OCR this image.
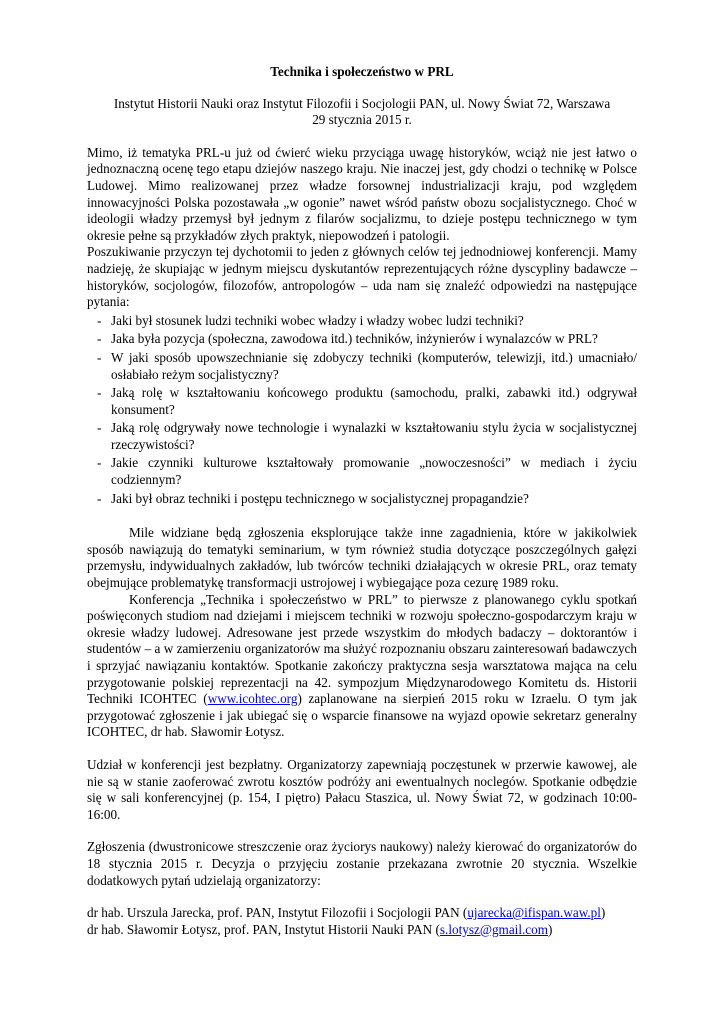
Technika i społeczeństwo w PRL
Instytut Historii Nauki oraz Instytut Filozofii i Socjologii PAN, ul. Nowy Świat 72, Warszawa
29 stycznia 2015 r.

Mimo, iż tematyka PRL-u już od ćwierć wieku przyciąga uwagę historyków, wciąż nie jest łatwo o jednoznaczną ocenę tego etapu dziejów naszego kraju. Nie inaczej jest, gdy chodzi o technikę w Polsce Ludowej. Mimo realizowanej przez władze forsownej industrializacji kraju, pod względem innowacyjności Polska pozostawała „w ogonie” nawet wśród państw obozu socjalistycznego. Choć w ideologii władzy przemysł był jednym z filarów socjalizmu, to dzieje postępu technicznego w tym okresie pełne są przykładów złych praktyk, niepowodzeń i patologii.

Poszukiwanie przyczyn tej dychotomii to jeden z głównych celów tej jednodniowej konferencji. Mamy nadzieję, że skupiając w jednym miejscu dyskutantów reprezentujących różne dyscypliny badawcze – historyków, socjologów, filozofów, antropologów – uda nam się znaleźć odpowiedzi na następujące pytania:

- Jaki był stosunek ludzi techniki wobec władzy i władzy wobec ludzi techniki?
- Jaka była pozycja (społeczna, zawodowa itd.) techników, inżynierów i wynalazców w PRL?
- W jaki sposób upowszechnianie się zdobyczy techniki (komputerów, telewizji, itd.) umacniało/ osłabiało reżym socjalistyczny?
- Jaką rolę w kształtowaniu końcowego produktu (samochodu, pralki, zabawki itd.) odgrywał konsument?
- Jaką rolę odgrywały nowe technologie i wynalazki w kształtowaniu stylu życia w socjalistycznej rzeczywistości?
- Jakie czynniki kulturowe kształtowały promowanie „nowoczesności” w mediach i życiu codziennym?
- Jaki był obraz techniki i postępu technicznego w socjalistycznej propagandzie?

Mile widziane będą zgłoszenia eksplorujące także inne zagadnienia, które w jakikolwiek sposób nawiązują do tematyki seminarium, w tym również studia dotyczące poszczególnych gałęzi przemysłu, indywidualnych zakładów, lub twórców techniki działających w okresie PRL, oraz tematy obejmujące problematykę transformacji ustrojowej i wybiegające poza cezurę 1989 roku.

Konferencja „Technika i społeczeństwo w PRL” to pierwsze z planowanego cyklu spotkań poświęconych studiom nad dziejami i miejscem techniki w rozwoju społeczno-gospodarczym kraju w okresie władzy ludowej. Adresowane jest przede wszystkim do młodych badaczy – doktorantów i studentów – a w zamierzeniu organizatorów ma służyć rozpoznaniu obszaru zainteresowań badawczych i sprzyjać nawiązaniu kontaktów. Spotkanie zakończy praktyczna sesja warsztatowa mająca na celu przygotowanie polskiej reprezentacji na 42. sympozjum Międzynarodowego Komitetu ds. Historii Techniki ICOHTEC (www.icohtec.org) zaplanowane na sierpień 2015 roku w Izraelu. O tym jak przygotować zgłoszenie i jak ubiegać się o wsparcie finansowe na wyjazd opowie sekretarz generalny ICOHTEC, dr hab. Sławomir Łotysz.

Udział w konferencji jest bezpłatny. Organizatorzy zapewniają poczęstunek w przerwie kawowej, ale nie są w stanie zaoferować zwrotu kosztów podróży ani ewentualnych noclegów. Spotkanie odbędzie się w sali konferencyjnej (p. 154, I piętro) Pałacu Staszica, ul. Nowy Świat 72, w godzinach 10:00-16:00.

Zgłoszenia (dwustronicowe streszczenie oraz życiorys naukowy) należy kierować do organizatorów do 18 stycznia 2015 r. Decyzja o przyjęciu zostanie przekazana zwrotnie 20 stycznia. Wszelkie dodatkowych pytań udzielają organizatorzy:

dr hab. Urszula Jarecka, prof. PAN, Instytut Filozofii i Socjologii PAN (ujarecka@ifispan.waw.pl)
dr hab. Sławomir Łotysz, prof. PAN, Instytut Historii Nauki PAN (s.lotysz@gmail.com)
